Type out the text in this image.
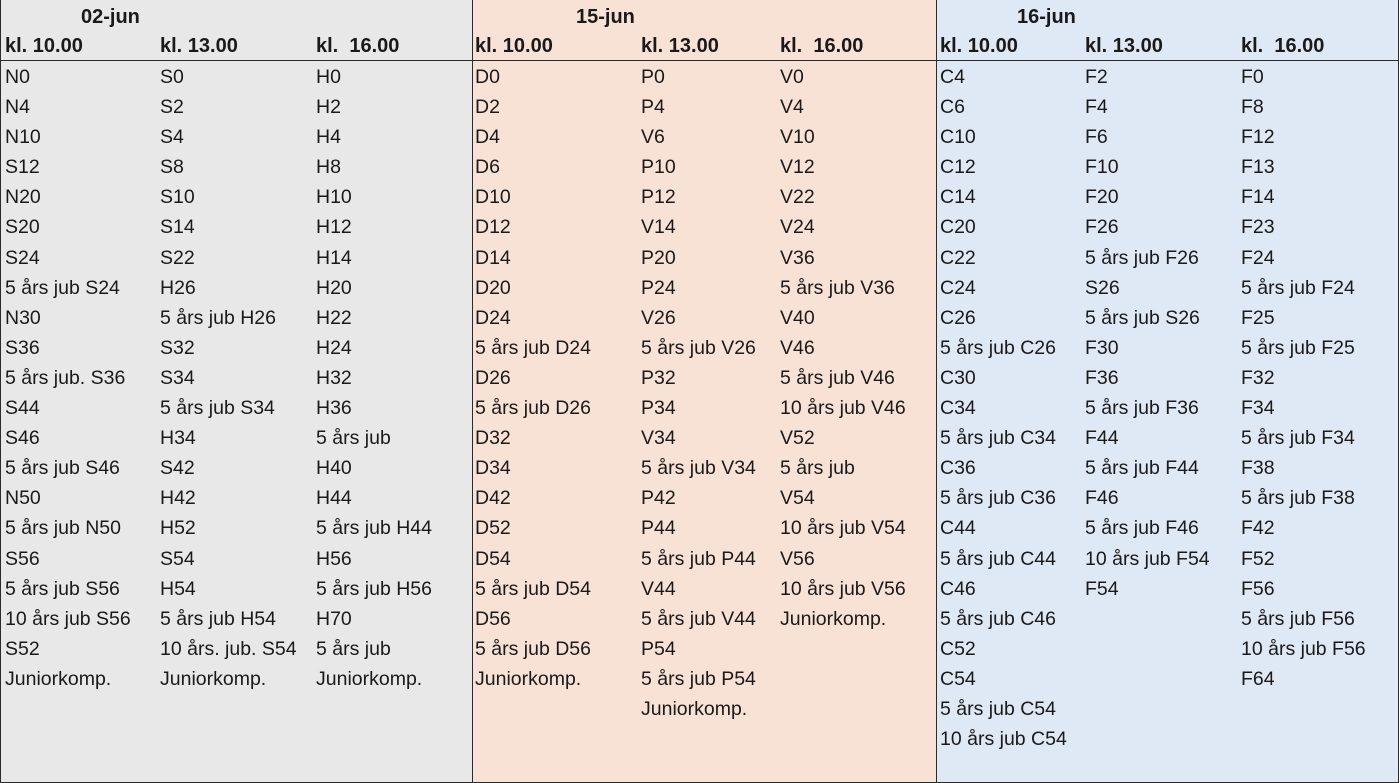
02-jun
kl. 10.00
N0
N4
N10
S12
N20
S20
S24
5 års jub S24
N30
S36
5 års jub. S36
S44
S46
5 års jub S46
N50
5 års jub N50
S56
5 års jub S56
10 års jub S56
S52
Juniorkomp.
kl. 13.00
S0
S2
S4
S8
S10
S14
S22
H26
5 års jub H26
S32
S34
5 års jub S34
H34
S42
H42
H52
S54
H54
5 års jub H54
10 års. jub. S54
Juniorkomp.
kl.  16.00
H0
H2
H4
H8
H10
H12
H14
H20
H22
H24
H32
H36
5 års jub
H40
H44
5 års jub H44
H56
5 års jub H56
H70
5 års jub
Juniorkomp.
15-jun
kl. 10.00
D0
D2
D4
D6
D10
D12
D14
D20
D24
5 års jub D24
D26
5 års jub D26
D32
D34
D42
D52
D54
5 års jub D54
D56
5 års jub D56
Juniorkomp.
kl. 13.00
P0
P4
V6
P10
P12
V14
P20
P24
V26
5 års jub V26
P32
P34
V34
5 års jub V34
P42
P44
5 års jub P44
V44
5 års jub V44
P54
5 års jub P54
Juniorkomp.
kl.  16.00
V0
V4
V10
V12
V22
V24
V36
5 års jub V36
V40
V46
5 års jub V46
10 års jub V46
V52
5 års jub
V54
10 års jub V54
V56
10 års jub V56
Juniorkomp.
16-jun
kl. 10.00
C4
C6
C10
C12
C14
C20
C22
C24
C26
5 års jub C26
C30
C34
5 års jub C34
C36
5 års jub C36
C44
5 års jub C44
C46
5 års jub C46
C52
C54
5 års jub C54
10 års jub C54
kl. 13.00
F2
F4
F6
F10
F20
F26
5 års jub F26
S26
5 års jub S26
F30
F36
5 års jub F36
F44
5 års jub F44
F46
5 års jub F46
10 års jub F54
F54
kl.  16.00
F0
F8
F12
F13
F14
F23
F24
5 års jub F24
F25
5 års jub F25
F32
F34
5 års jub F34
F38
5 års jub F38
F42
F52
F56
5 års jub F56
10 års jub F56
F64
